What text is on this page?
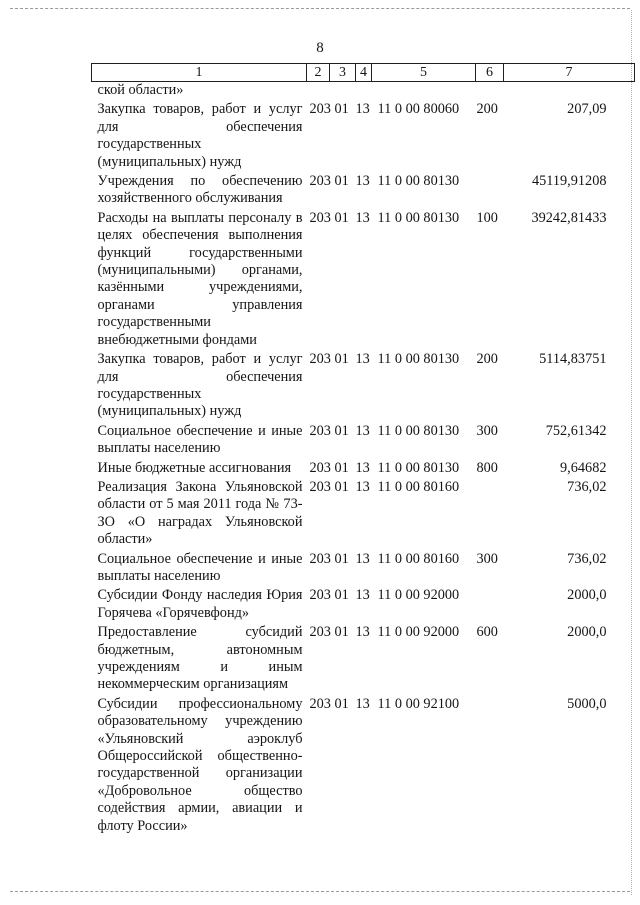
8
1	2	3	4	5	6	7
ской области»						
Закупка товаров, работ и услуг для обеспечения государственных (муниципальных) нужд	203	01	13	11 0 00 80060	200	207,09
Учреждения по обеспечению хозяйственного обслуживания	203	01	13	11 0 00 80130		45119,91208
Расходы на выплаты персоналу в целях обеспечения выполнения функций государственными (муниципальными) органами, казёнными учреждениями, органами управления государственными внебюджетными фондами	203	01	13	11 0 00 80130	100	39242,81433
Закупка товаров, работ и услуг для обеспечения государственных (муниципальных) нужд	203	01	13	11 0 00 80130	200	5114,83751
Социальное обеспечение и иные выплаты населению	203	01	13	11 0 00 80130	300	752,61342
Иные бюджетные ассигнования	203	01	13	11 0 00 80130	800	9,64682
Реализация Закона Ульяновской области от 5 мая 2011 года № 73-ЗО «О наградах Ульяновской области»	203	01	13	11 0 00 80160		736,02
Социальное обеспечение и иные выплаты населению	203	01	13	11 0 00 80160	300	736,02
Субсидии Фонду наследия Юрия Горячева «Горячевфонд»	203	01	13	11 0 00 92000		2000,0
Предоставление субсидий бюджетным, автономным учреждениям и иным некоммерческим организациям	203	01	13	11 0 00 92000	600	2000,0
Субсидии профессиональному образовательному учреждению «Ульяновский аэроклуб Общероссийской общественно-государственной организации «Добровольное общество содействия армии, авиации и флоту России»	203	01	13	11 0 00 92100		5000,0
